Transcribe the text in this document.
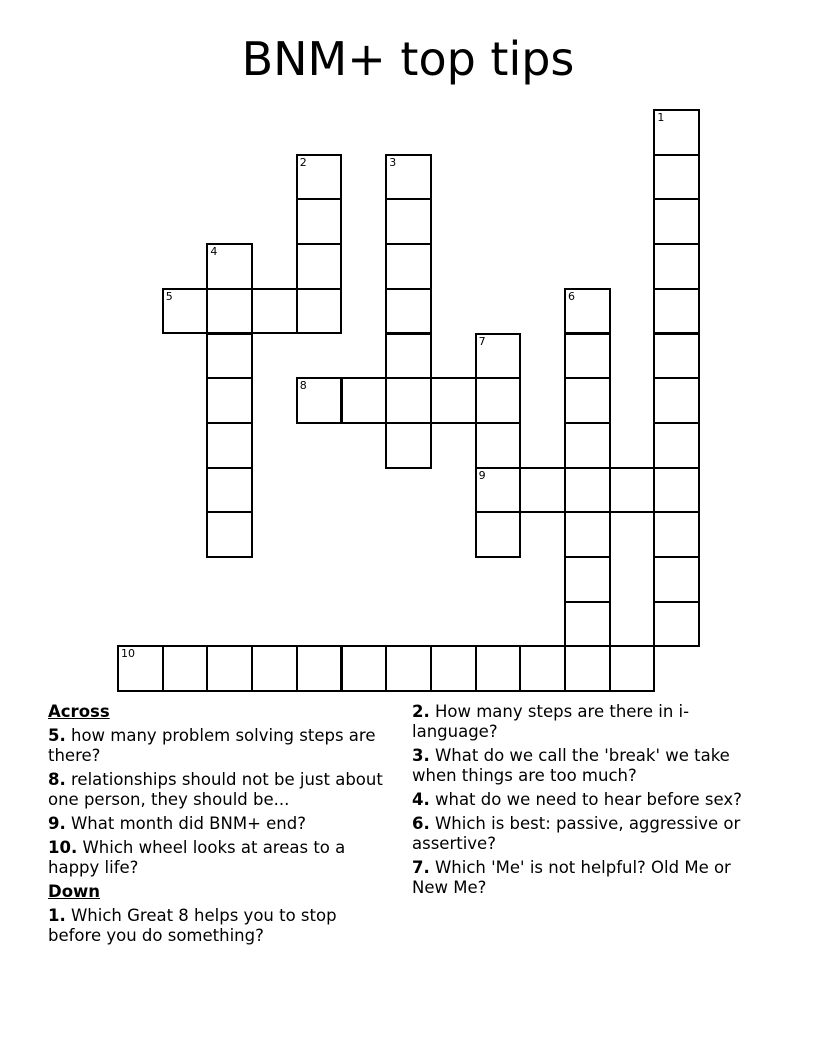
BNM+ top tips
1
2	3
4
5	6
7
9
8
10
Across
5. how many problem solving steps are there?
8. relationships should not be just about one person, they should be...
9. What month did BNM+ end?
10. Which wheel looks at areas to a happy life?
Down
1. Which Great 8 helps you to stop before you do something?
2. How many steps are there in i-language?
3. What do we call the 'break' we take when things are too much?
4. what do we need to hear before sex?
6. Which is best: passive, aggressive or assertive?
7. Which 'Me' is not helpful? Old Me or New Me?
